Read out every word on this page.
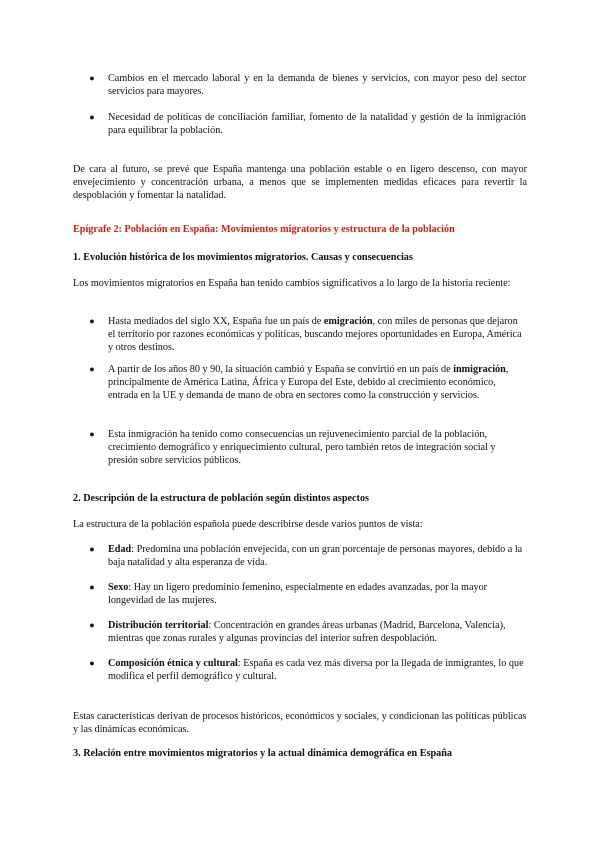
● Cambios en el mercado laboral y en la demanda de bienes y servicios, con mayor peso del sector servicios para mayores.
● Necesidad de políticas de conciliación familiar, fomento de la natalidad y gestión de la inmigración para equilibrar la población.
De cara al futuro, se prevé que España mantenga una población estable o en ligero descenso, con mayor envejecimiento y concentración urbana, a menos que se implementen medidas eficaces para revertir la despoblación y fomentar la natalidad.
Epígrafe 2: Población en España: Movimientos migratorios y estructura de la población
1. Evolución histórica de los movimientos migratorios. Causas y consecuencias
Los movimientos migratorios en España han tenido cambios significativos a lo largo de la historia reciente:
● Hasta mediados del siglo XX, España fue un país de emigración, con miles de personas que dejaron el territorio por razones económicas y políticas, buscando mejores oportunidades en Europa, América y otros destinos.
● A partir de los años 80 y 90, la situación cambió y España se convirtió en un país de inmigración, principalmente de América Latina, África y Europa del Este, debido al crecimiento económico, entrada en la UE y demanda de mano de obra en sectores como la construcción y servicios.
● Esta inmigración ha tenido como consecuencias un rejuvenecimiento parcial de la población, crecimiento demográfico y enriquecimiento cultural, pero también retos de integración social y presión sobre servicios públicos.
2. Descripción de la estructura de población según distintos aspectos
La estructura de la población española puede describirse desde varios puntos de vista:
● Edad: Predomina una población envejecida, con un gran porcentaje de personas mayores, debido a la baja natalidad y alta esperanza de vida.
● Sexo: Hay un ligero predominio femenino, especialmente en edades avanzadas, por la mayor longevidad de las mujeres.
● Distribución territorial: Concentración en grandes áreas urbanas (Madrid, Barcelona, Valencia), mientras que zonas rurales y algunas provincias del interior sufren despoblación.
● Composición étnica y cultural: España es cada vez más diversa por la llegada de inmigrantes, lo que modifica el perfil demográfico y cultural.
Estas características derivan de procesos históricos, económicos y sociales, y condicionan las políticas públicas y las dinámicas económicas.
3. Relación entre movimientos migratorios y la actual dinámica demográfica en España
